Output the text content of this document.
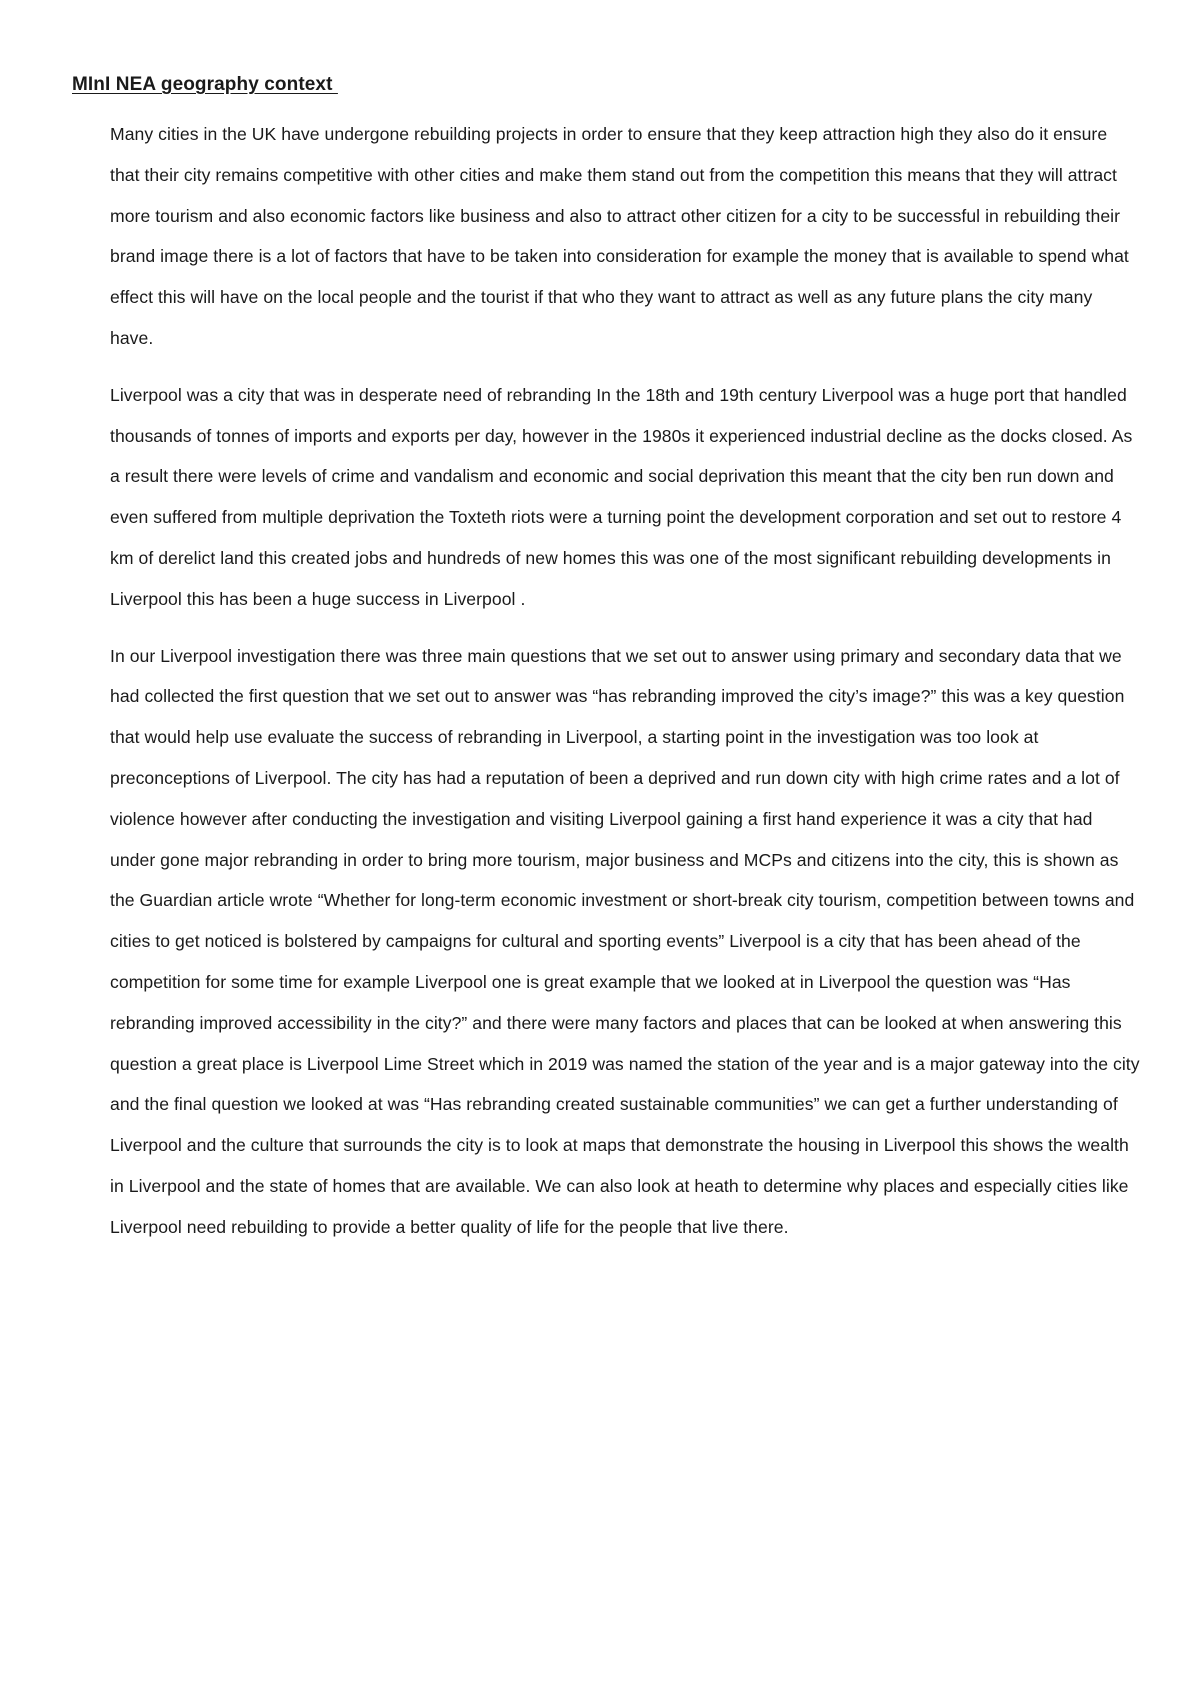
MInI NEA geography context

Many cities in the UK have undergone rebuilding projects in order to ensure that they keep attraction high they also do it ensure that their city remains competitive with other cities and make them stand out from the competition this means that they will attract more tourism and also economic factors like business and also to attract other citizen for a city to be successful in rebuilding their brand image there is a lot of factors that have to be taken into consideration for example the money that is available to spend what effect this will have on the local people and the tourist if that who they want to attract as well as any future plans the city many have.

Liverpool was a city that was in desperate need of rebranding In the 18th and 19th century Liverpool was a huge port that handled thousands of tonnes of imports and exports per day, however in the 1980s it experienced industrial decline as the docks closed. As a result there were levels of crime and vandalism and economic and social deprivation this meant that the city ben run down and even suffered from multiple deprivation the Toxteth riots were a turning point the development corporation and set out to restore 4 km of derelict land this created jobs and hundreds of new homes this was one of the most significant rebuilding developments in Liverpool this has been a huge success in Liverpool .

In our Liverpool investigation there was three main questions that we set out to answer using primary and secondary data that we had collected the first question that we set out to answer was “has rebranding improved the city’s image?” this was a key question that would help use evaluate the success of rebranding in Liverpool, a starting point in the investigation was too look at preconceptions of Liverpool. The city has had a reputation of been a deprived and run down city with high crime rates and a lot of violence however after conducting the investigation and visiting Liverpool gaining a first hand experience it was a city that had under gone major rebranding in order to bring more tourism, major business and MCPs and citizens into the city, this is shown as the Guardian article wrote “Whether for long-term economic investment or short-break city tourism, competition between towns and cities to get noticed is bolstered by campaigns for cultural and sporting events” Liverpool is a city that has been ahead of the competition for some time for example Liverpool one is great example that we looked at in Liverpool the question was “Has rebranding improved accessibility in the city?” and there were many factors and places that can be looked at when answering this question a great place is Liverpool Lime Street which in 2019 was named the station of the year and is a major gateway into the city and the final question we looked at was “Has rebranding created sustainable communities” we can get a further understanding of Liverpool and the culture that surrounds the city is to look at maps that demonstrate the housing in Liverpool this shows the wealth in Liverpool and the state of homes that are available. We can also look at heath to determine why places and especially cities like Liverpool need rebuilding to provide a better quality of life for the people that live there.
